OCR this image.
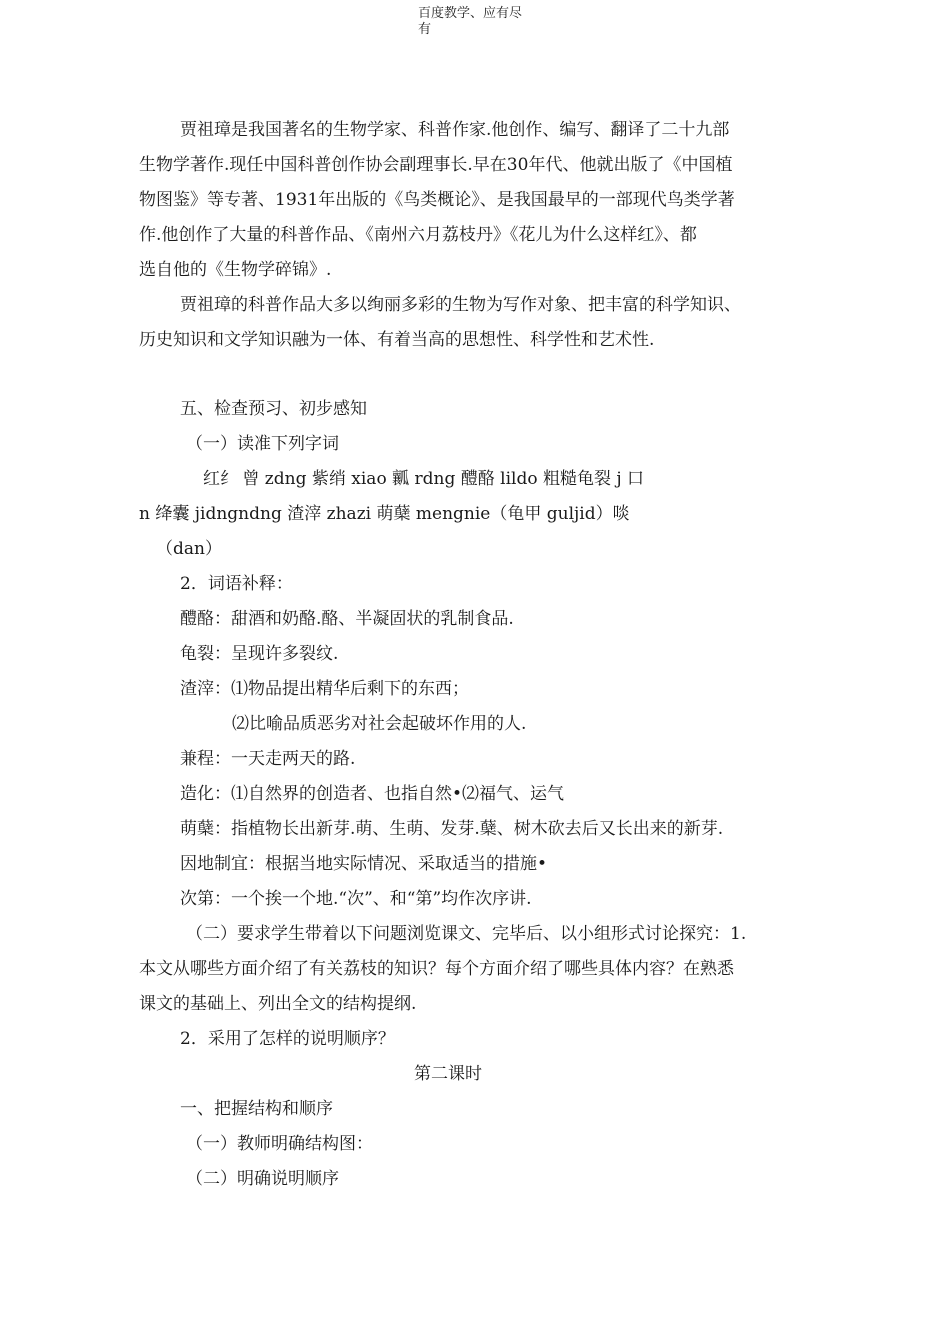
百度教学、应有尽
有
贾祖璋是我国著名的生物学家、科普作家.他创作、编写、翻译了二十九部
生物学著作.现任中国科普创作协会副理事长.早在30年代、他就出版了《中国植
物图鉴》等专著、1931年出版的《鸟类概论》、是我国最早的一部现代鸟类学著
作.他创作了大量的科普作品、《南州六月荔枝丹》《花儿为什么这样红》、都
选自他的《生物学碎锦》.
贾祖璋的科普作品大多以绚丽多彩的生物为写作对象、把丰富的科学知识、
历史知识和文学知识融为一体、有着当高的思想性、科学性和艺术性.
五、检查预习、初步感知
（一）读准下列字词
红纟 曾 zdng 紫绡 xiao 瓤 rdng 醴酪 lildo 粗糙龟裂 j 口
n 绛囊 jidngndng 渣滓 zhazi 萌蘖 mengnie（龟甲 guljid）啖
（dan）
2．词语补释：
醴酪：甜酒和奶酪.酪、半凝固状的乳制食品.
龟裂：呈现许多裂纹.
渣滓：⑴物品提出精华后剩下的东西；
⑵比喻品质恶劣对社会起破坏作用的人.
兼程：一天走两天的路.
造化：⑴自然界的创造者、也指自然•⑵福气、运气
萌蘖：指植物长出新芽.萌、生萌、发芽.蘖、树木砍去后又长出来的新芽.
因地制宜：根据当地实际情况、采取适当的措施•
次第：一个挨一个地.“次”、和“第”均作次序讲.
（二）要求学生带着以下问题浏览课文、完毕后、以小组形式讨论探究：1.
本文从哪些方面介绍了有关荔枝的知识？每个方面介绍了哪些具体内容？在熟悉
课文的基础上、列出全文的结构提纲.
2．采用了怎样的说明顺序？
第二课时
一、把握结构和顺序
（一）教师明确结构图：
（二）明确说明顺序
